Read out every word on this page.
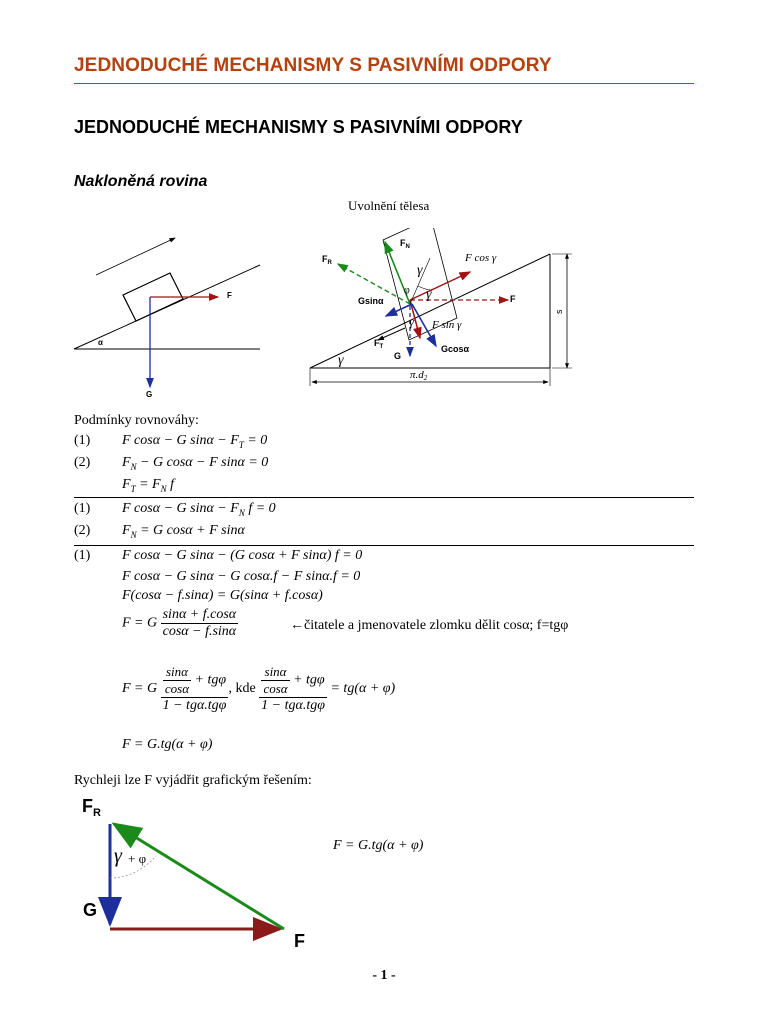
JEDNODUCHÉ MECHANISMY S PASIVNÍMI ODPORY
JEDNODUCHÉ MECHANISMY S PASIVNÍMI ODPORY
Nakloněná rovina
Uvolnění tělesa
F
G
α
s
π.d2
γ
$F_N$
$F_R$	F cos γ
F
Gsinα
F sin γ
Gcosα
$F_T$
G
φ
γ
γ
γ
Podmínky rovnováhy:
(1) F cosα − G $\sin\alpha - F_T = 0$
(2) $F_N - G$ cosα − F sinα = 0
$F_T = F_N$ f
(1) F cosα − G $\sin\alpha - F_N$ f = 0
(2) $F_N = G$ cosα + F sinα
(1) F cosα − G sinα − (G cosα + F sinα) f = 0
F cosα − G sinα − G cosα.f − F sinα.f = 0
F(cosα − f.sinα) = G(sinα + f.cosα)
F = G $\frac{\sin\alpha + f.\cos\alpha}{\cos\alpha - f.\sin\alpha}$	←čitatele a jmenovatele zlomku dělit cosα; f=tgφ
F = G $\frac{\frac{\sin\alpha}{\cos\alpha} + tg\varphi}{\text{1 − tgα.tgφ}}$ , kde $\frac{\frac{\sin\alpha}{\cos\alpha} + tg\varphi}{\text{1 − tgα.tgφ}} = tg(\alpha + \varphi)$
F = G.tg(α + φ)
Rychleji lze F vyjádřit grafickým řešením:
$F_R$
G
F
γ + φ
F = G.tg(α + φ)
- 1 -
